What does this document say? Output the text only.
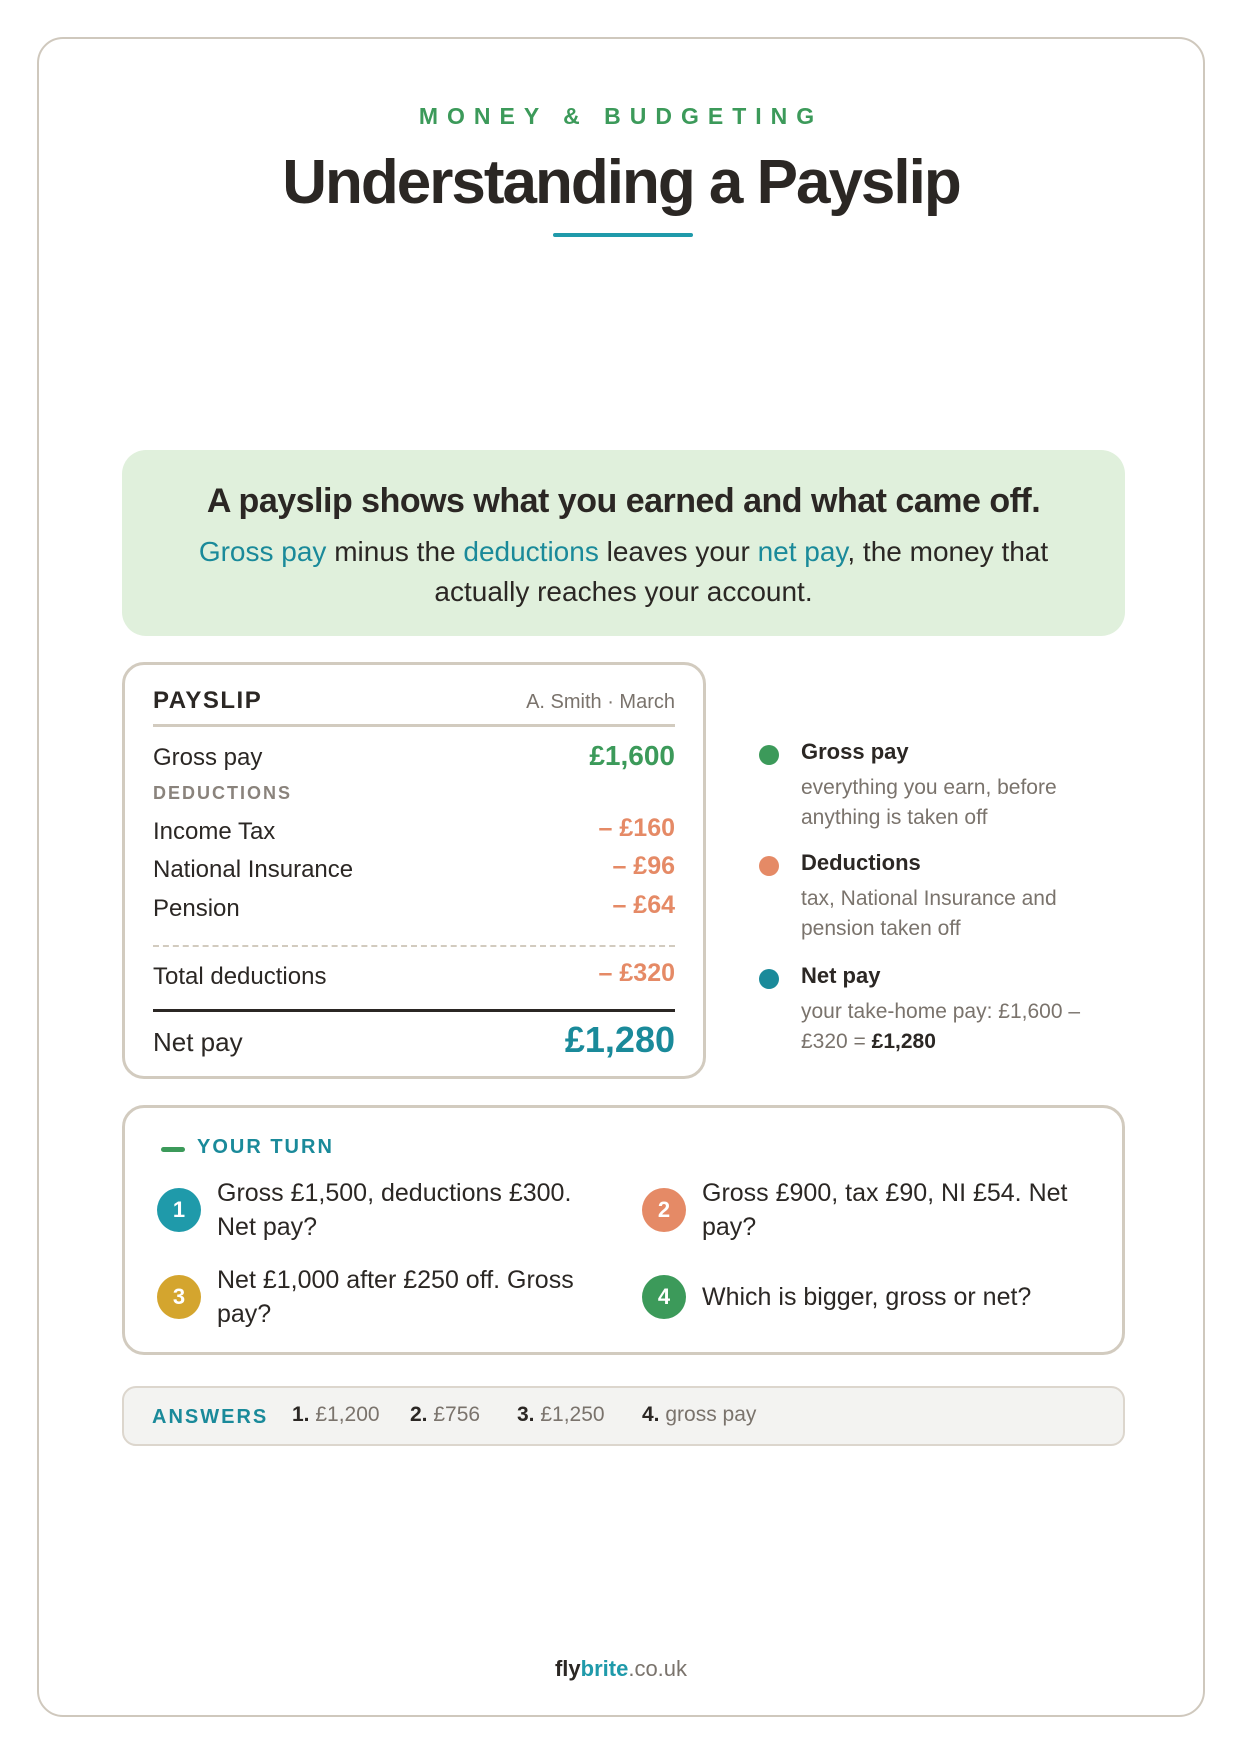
MONEY & BUDGETING
Understanding a Payslip
A payslip shows what you earned and what came off.
Gross pay minus the deductions leaves your net pay, the money that actually reaches your account.
PAYSLIP	A. Smith · March
Gross pay	£1,600
DEDUCTIONS
Income Tax	– £160
National Insurance	– £96
Pension	– £64
Total deductions	– £320
Net pay	£1,280
Gross pay
everything you earn, before anything is taken off
Deductions
tax, National Insurance and pension taken off
Net pay
your take-home pay: £1,600 – £320 = £1,280
YOUR TURN
1
Gross £1,500, deductions £300. Net pay?
2
Gross £900, tax £90, NI £54. Net pay?
3
Net £1,000 after £250 off. Gross pay?
4	Which is bigger, gross or net?
ANSWERS 1. £1,200 2. £756 3. £1,250 4. gross pay
flybrite.co.uk
